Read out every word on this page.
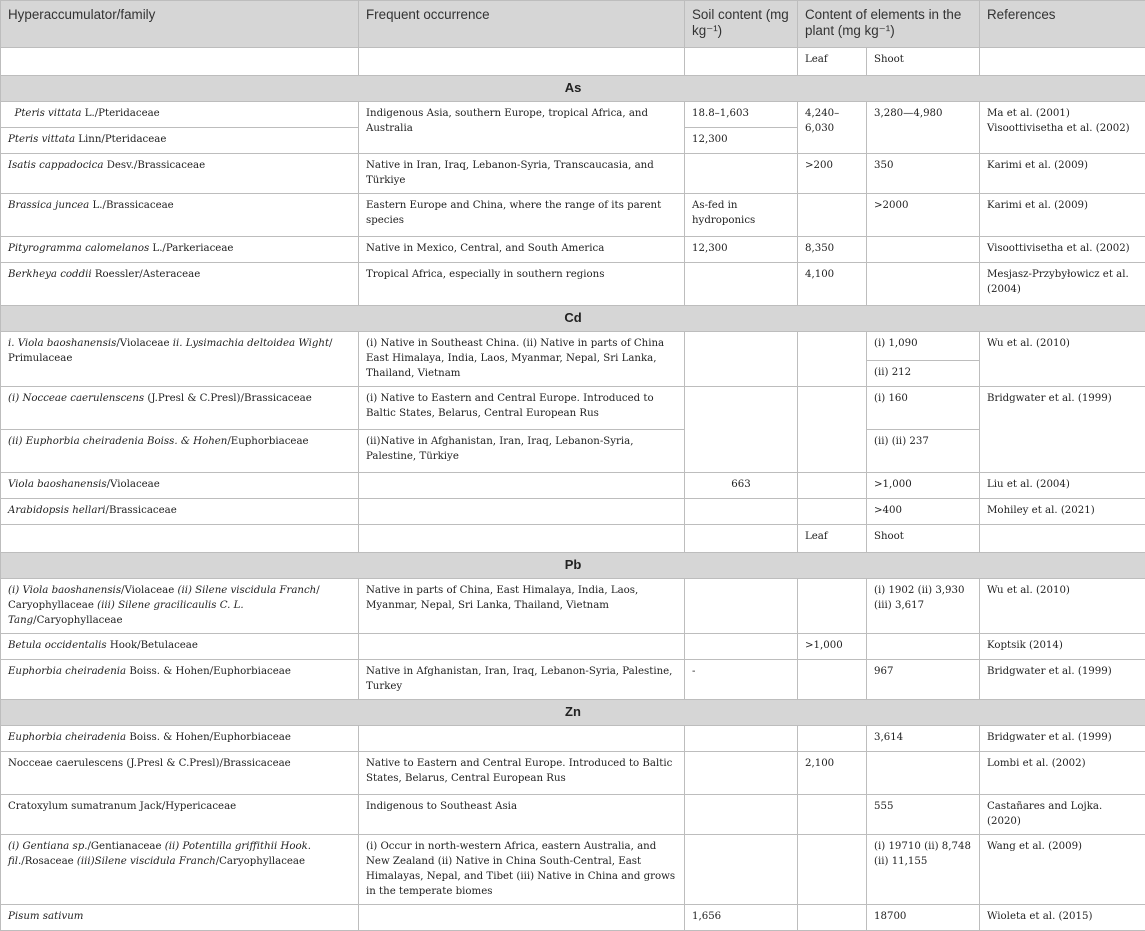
Hyperaccumulator/family	Frequent occurrence	Soil content (mg kg⁻¹)	Content of elements in the plant (mg kg⁻¹)		References
			Leaf	Shoot	
As					
Pteris vittata L./Pteridaceae	Indigenous Asia, southern Europe, tropical Africa, and Australia	18.8–1,603	4,240–6,030	3,280—4,980	Ma et al. (2001) Visoottivisetha et al. (2002)
Pteris vittata Linn/Pteridaceae		12,300			
Isatis cappadocica Desv./Brassicaceae	Native in Iran, Iraq, Lebanon-Syria, Transcaucasia, and Türkiye		>200	350	Karimi et al. (2009)
Brassica juncea L./Brassicaceae	Eastern Europe and China, where the range of its parent species	As-fed in hydroponics		>2000	Karimi et al. (2009)
Pityrogramma calomelanos L./Parkeriaceae	Native in Mexico, Central, and South America	12,300	8,350		Visoottivisetha et al. (2002)
Berkheya coddii Roessler/Asteraceae	Tropical Africa, especially in southern regions		4,100		Mesjasz-Przybyłowicz et al. (2004)
Cd					
i. Viola baoshanensis/Violaceae ii. Lysimachia deltoidea Wight/ Primulaceae	(i) Native in Southeast China. (ii) Native in parts of China East Himalaya, India, Laos, Myanmar, Nepal, Sri Lanka, Thailand, Vietnam			(i) 1,090	Wu et al. (2010)
				(ii) 212	
(i) Nocceae caerulenscens (J.Presl & C.Presl)/Brassicaceae	(i) Native to Eastern and Central Europe. Introduced to Baltic States, Belarus, Central European Rus			(i) 160	Bridgwater et al. (1999)
(ii) Euphorbia cheiradenia Boiss. & Hohen/Euphorbiaceae	(ii)Native in Afghanistan, Iran, Iraq, Lebanon-Syria, Palestine, Türkiye			(ii) (ii) 237	
Viola baoshanensis/Violaceae		663		>1,000	Liu et al. (2004)
Arabidopsis hellari/Brassicaceae				>400	Mohiley et al. (2021)
			Leaf	Shoot	
Pb					
(i) Viola baoshanensis/Violaceae (ii) Silene viscidula Franch/ Caryophyllaceae (iii) Silene gracilicaulis C. L. Tang/Caryophyllaceae	Native in parts of China, East Himalaya, India, Laos, Myanmar, Nepal, Sri Lanka, Thailand, Vietnam			(i) 1902 (ii) 3,930 (iii) 3,617	Wu et al. (2010)
Betula occidentalis Hook/Betulaceae			>1,000		Koptsik (2014)
Euphorbia cheiradenia Boiss. & Hohen/Euphorbiaceae	Native in Afghanistan, Iran, Iraq, Lebanon-Syria, Palestine, Turkey	-		967	Bridgwater et al. (1999)
Zn					
Euphorbia cheiradenia Boiss. & Hohen/Euphorbiaceae				3,614	Bridgwater et al. (1999)
Nocceae caerulescens (J.Presl & C.Presl)/Brassicaceae	Native to Eastern and Central Europe. Introduced to Baltic States, Belarus, Central European Rus		2,100		Lombi et al. (2002)
Cratoxylum sumatranum Jack/Hypericaceae	Indigenous to Southeast Asia			555	Castañares and Lojka. (2020)
(i) Gentiana sp./Gentianaceae (ii) Potentilla griffithii Hook. fil./Rosaceae (iii)Silene viscidula Franch/Caryophyllaceae	(i) Occur in north-western Africa, eastern Australia, and New Zealand (ii) Native in China South-Central, East Himalayas, Nepal, and Tibet (iii) Native in China and grows in the temperate biomes			(i) 19710 (ii) 8,748 (ii) 11,155	Wang et al. (2009)
Pisum sativum		1,656		18700	Wioleta et al. (2015)
